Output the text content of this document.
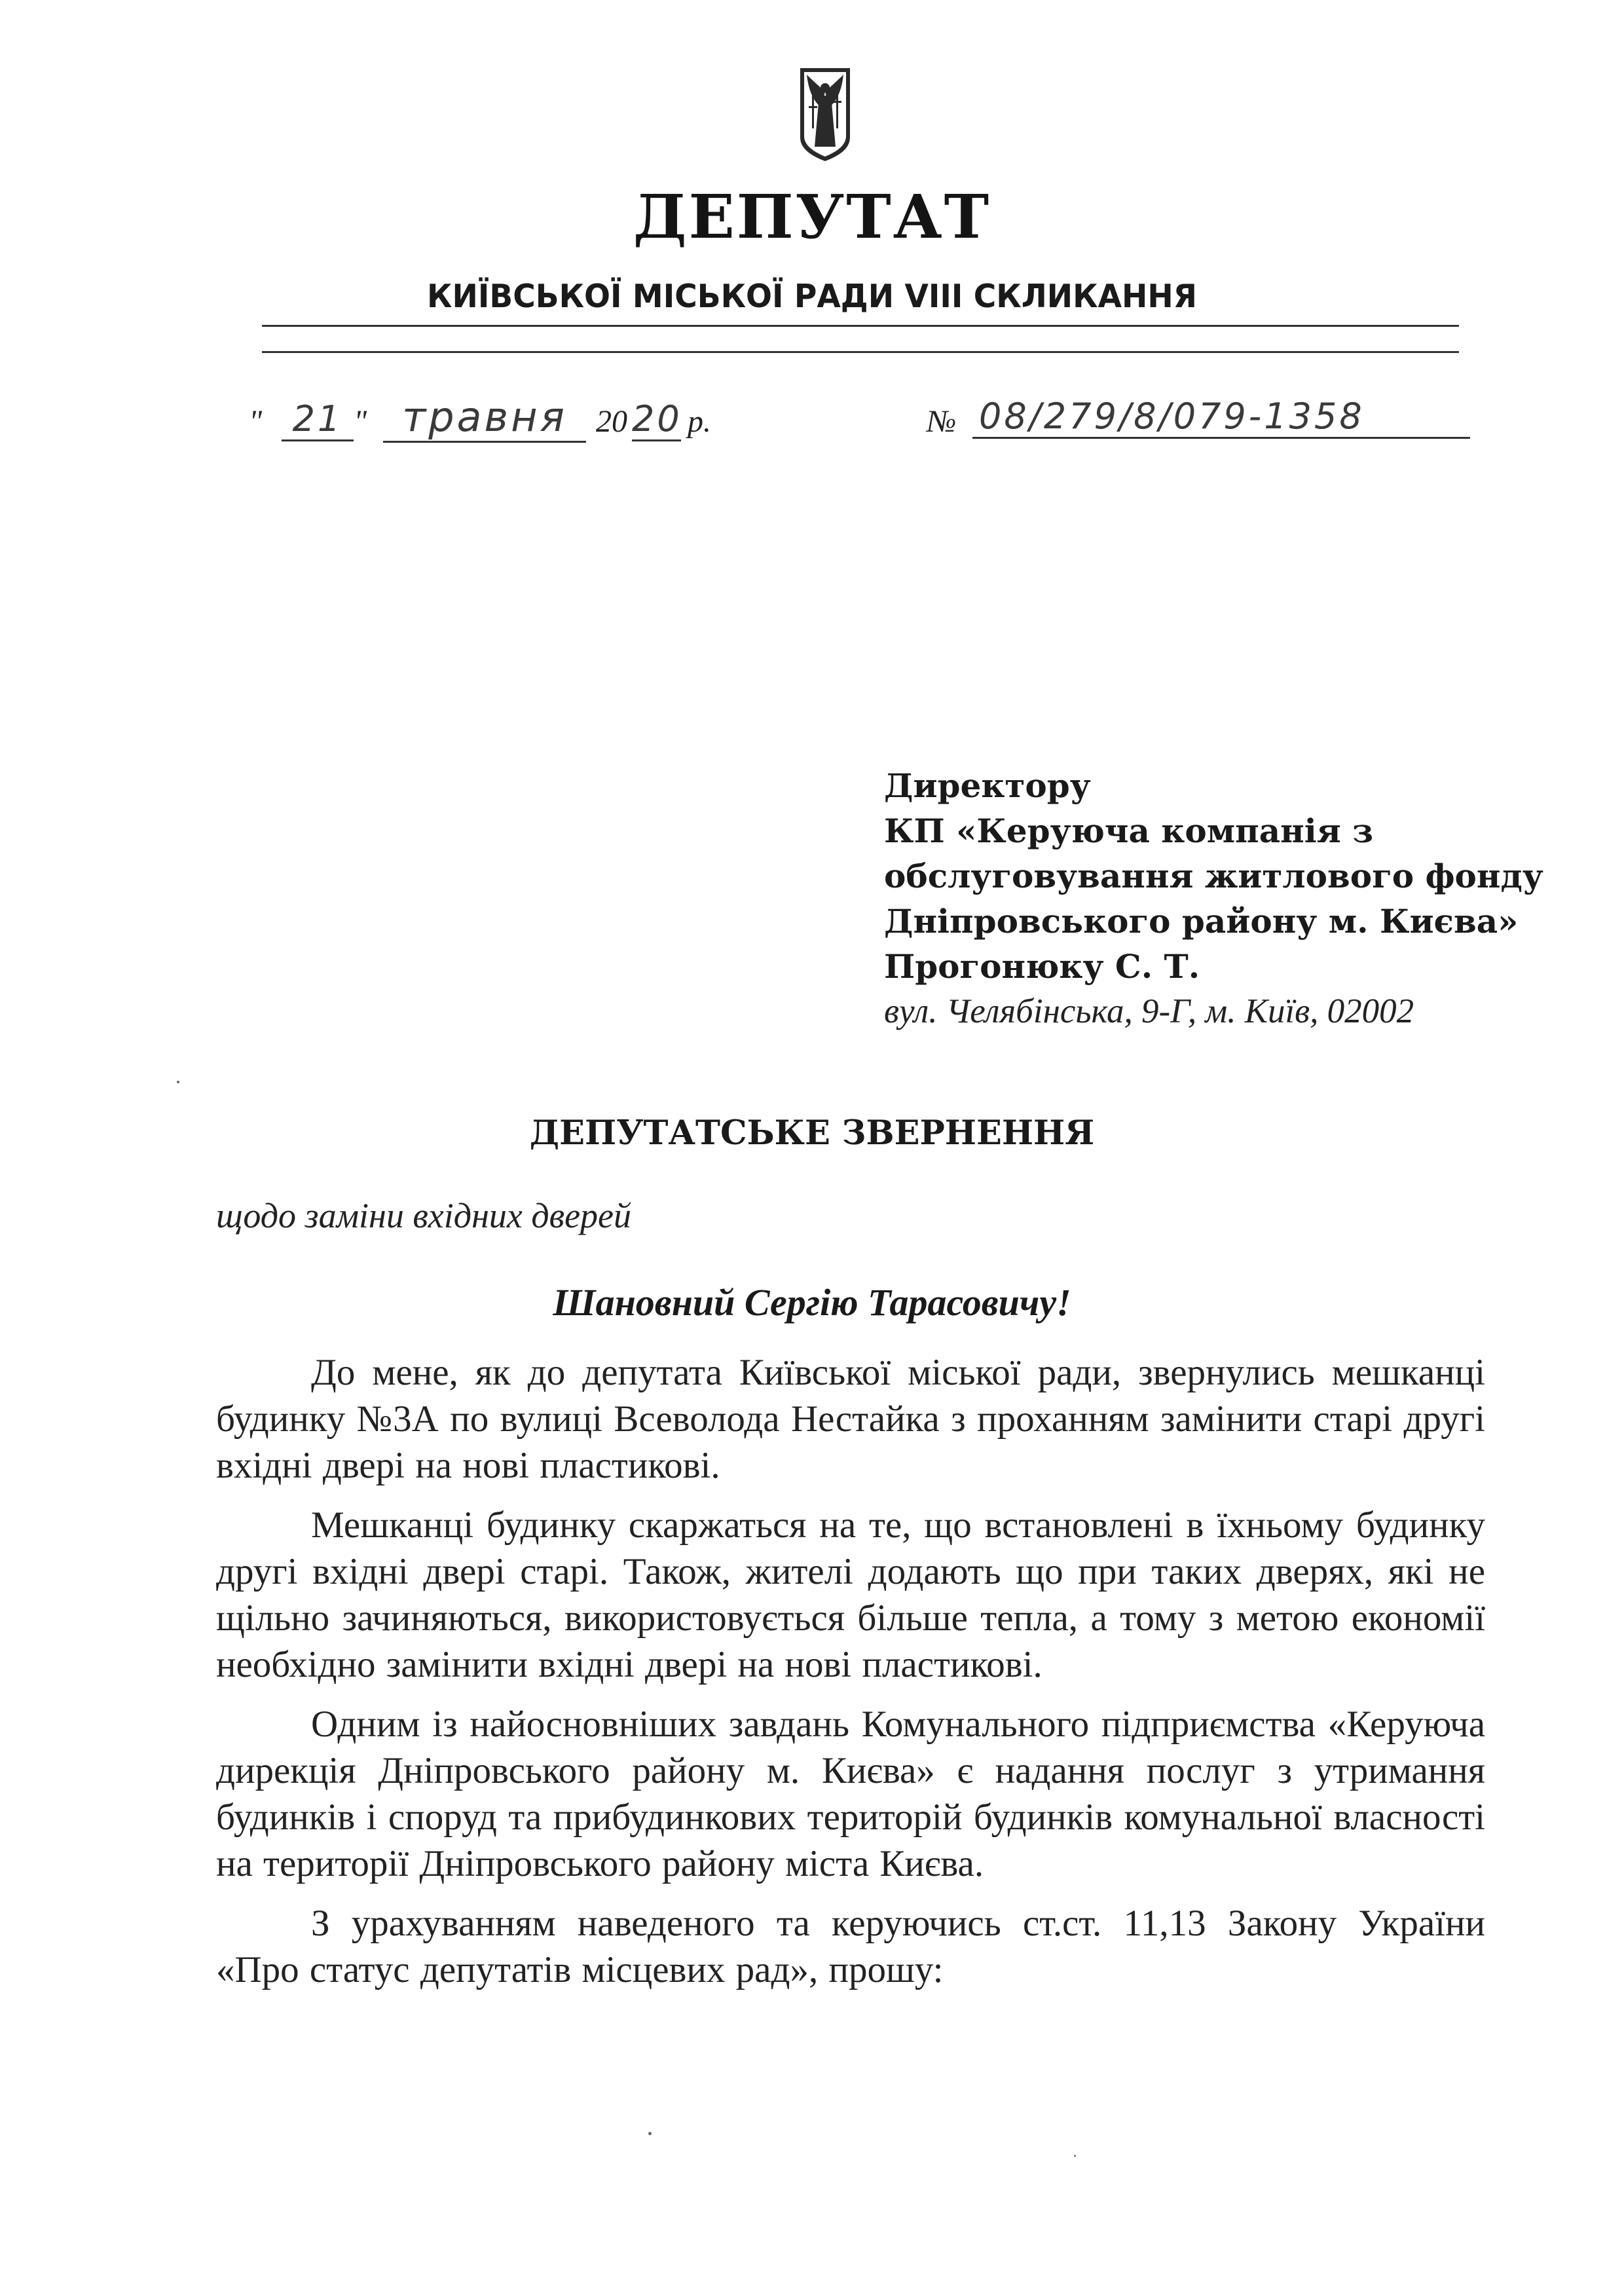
ДЕПУТАТ
КИЇВСЬКОЇ МІСЬКОЇ РАДИ VIII СКЛИКАННЯ
" 21 " травня 20 20 р.	№ 08/279/8/079-1358
Директору
КП «Керуюча компанія з
обслуговування житлового фонду
Дніпровського району м. Києва»
Прогонюку С. Т.
вул. Челябінська, 9-Г, м. Київ, 02002
ДЕПУТАТСЬКЕ ЗВЕРНЕННЯ
щодо заміни вхідних дверей
Шановний Сергію Тарасовичу!

До мене, як до депутата Київської міської ради, звернулись мешканці будинку №3А по вулиці Всеволода Нестайка з проханням замінити старі другі вхідні двері на нові пластикові.

Мешканці будинку скаржаться на те, що встановлені в їхньому будинку другі вхідні двері старі. Також, жителі додають що при таких дверях, які не щільно зачиняються, використовується більше тепла, а тому з метою економії необхідно замінити вхідні двері на нові пластикові.

Одним із найосновніших завдань Комунального підприємства «Керуюча дирекція Дніпровського району м. Києва» є надання послуг з утримання будинків і споруд та прибудинкових територій будинків комунальної власності на території Дніпровського району міста Києва.

З урахуванням наведеного та керуючись ст.ст. 11,13 Закону України «Про статус депутатів місцевих рад», прошу:
